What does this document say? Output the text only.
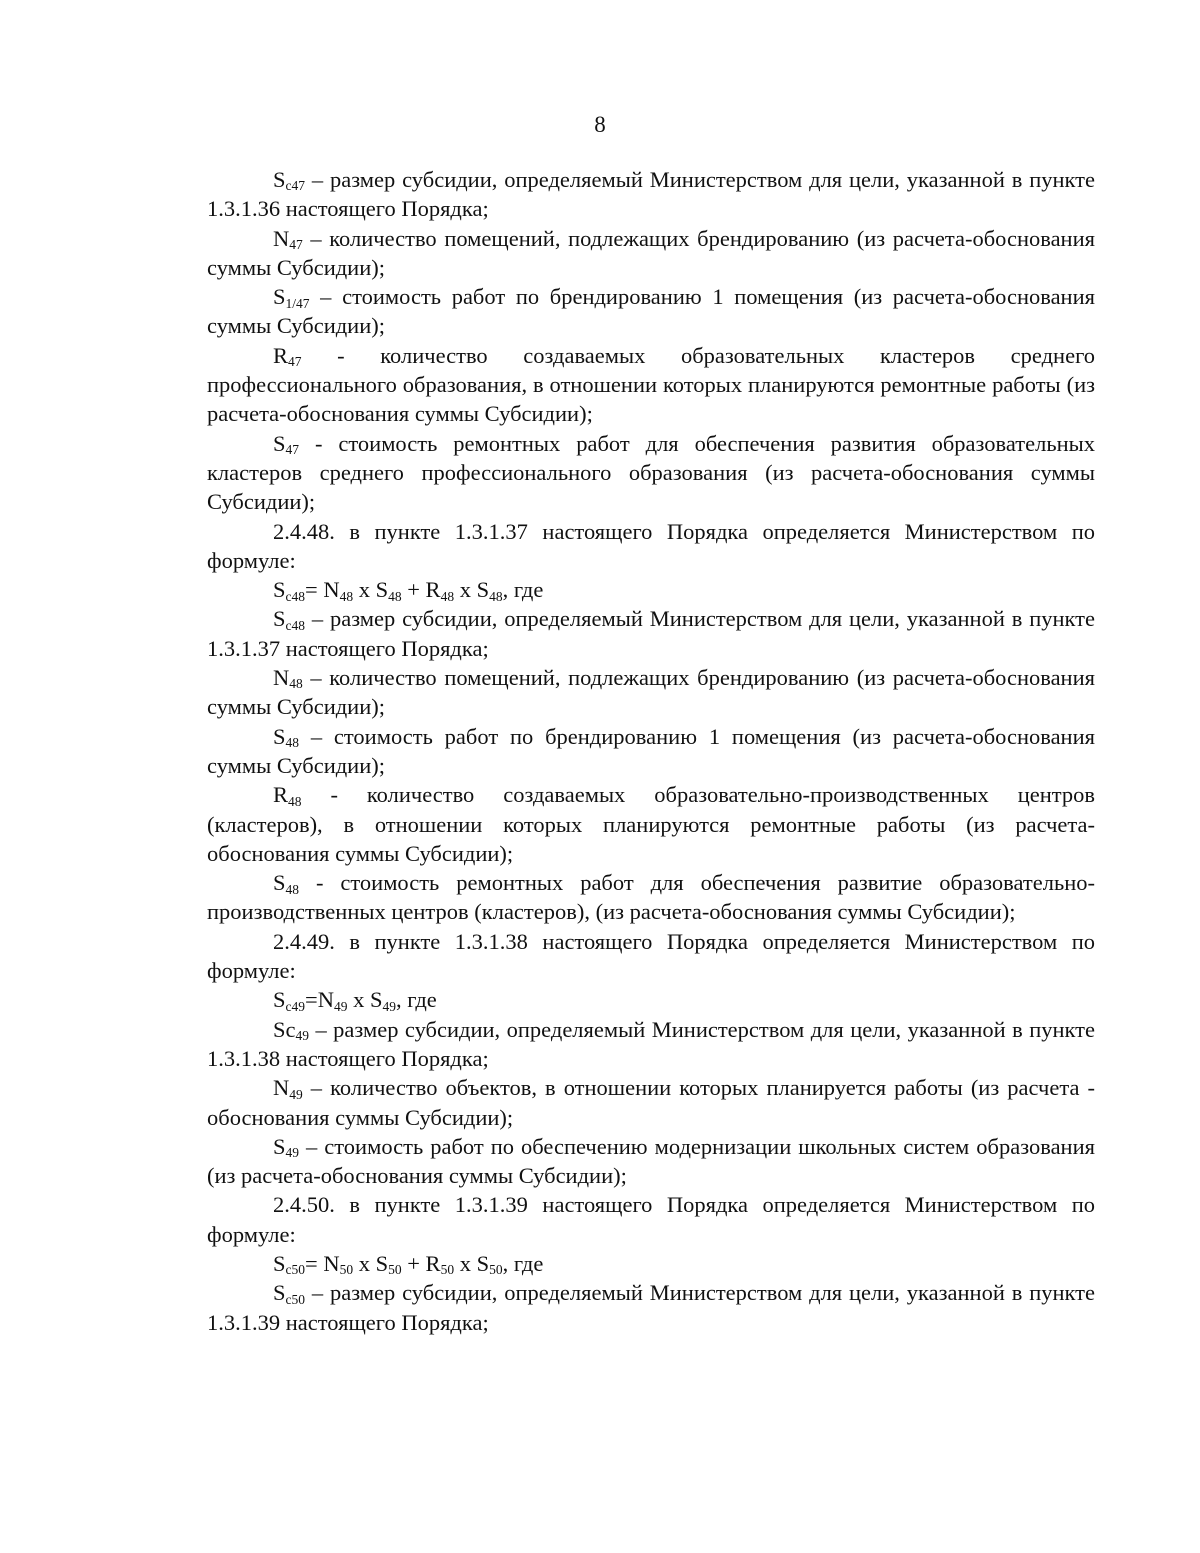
8

$S_{c47}$ – размер субсидии, определяемый Министерством для цели, указанной в пункте 1.3.1.36 настоящего Порядка;

$N_{47}$ – количество помещений, подлежащих брендированию (из расчета-обоснования суммы Субсидии);

$S_{1/47}$ – стоимость работ по брендированию 1 помещения (из расчета-обоснования суммы Субсидии);

$R_{47}$ - количество создаваемых образовательных кластеров среднего профессионального образования, в отношении которых планируются ремонтные работы (из расчета-обоснования суммы Субсидии);

$S_{47}$ - стоимость ремонтных работ для обеспечения развития образовательных кластеров среднего профессионального образования (из расчета-обоснования суммы Субсидии);

2.4.48. в пункте 1.3.1.37 настоящего Порядка определяется Министерством по формуле:

$S_{c48}= N_{48}$ x $S_{48} + R_{48}$ x $S_{48}$, где

$S_{c48}$ – размер субсидии, определяемый Министерством для цели, указанной в пункте 1.3.1.37 настоящего Порядка;

$N_{48}$ – количество помещений, подлежащих брендированию (из расчета-обоснования суммы Субсидии);

$S_{48}$ – стоимость работ по брендированию 1 помещения (из расчета-обоснования суммы Субсидии);

$R_{48}$ - количество создаваемых образовательно-производственных центров (кластеров), в отношении которых планируются ремонтные работы (из расчета-обоснования суммы Субсидии);

$S_{48}$ - стоимость ремонтных работ для обеспечения развитие образовательно-производственных центров (кластеров), (из расчета-обоснования суммы Субсидии);

2.4.49. в пункте 1.3.1.38 настоящего Порядка определяется Министерством по формуле:

$S_{c49}=N_{49}$ x $S_{49}$, где

$Sc_{49}$ – размер субсидии, определяемый Министерством для цели, указанной в пункте 1.3.1.38 настоящего Порядка;

$N_{49}$ – количество объектов, в отношении которых планируется работы (из расчета - обоснования суммы Субсидии);

$S_{49}$ – стоимость работ по обеспечению модернизации школьных систем образования (из расчета-обоснования суммы Субсидии);

2.4.50. в пункте 1.3.1.39 настоящего Порядка определяется Министерством по формуле:

$S_{c50}= N_{50}$ x $S_{50} + R_{50}$ x $S_{50}$, где

$S_{c50}$ – размер субсидии, определяемый Министерством для цели, указанной в пункте 1.3.1.39 настоящего Порядка;
